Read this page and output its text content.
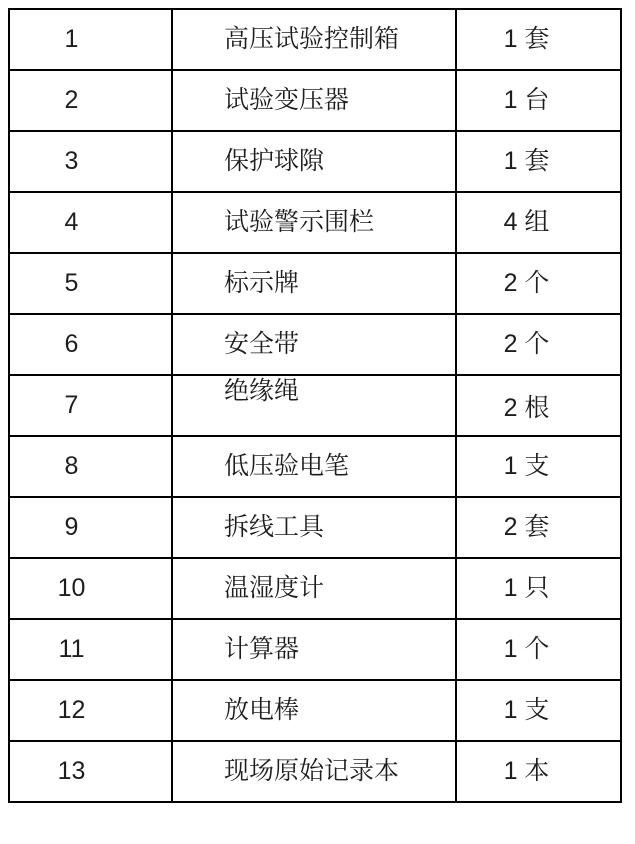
1	高压试验控制箱	1 套
2	试验变压器	1 台
3	保护球隙	1 套
4	试验警示围栏	4 组
5	标示牌	2 个
6	安全带	2 个
7	绝缘绳	2 根
8	低压验电笔	1 支
9	拆线工具	2 套
10	温湿度计	1 只
11	计算器	1 个
12	放电棒	1 支
13	现场原始记录本	1 本
